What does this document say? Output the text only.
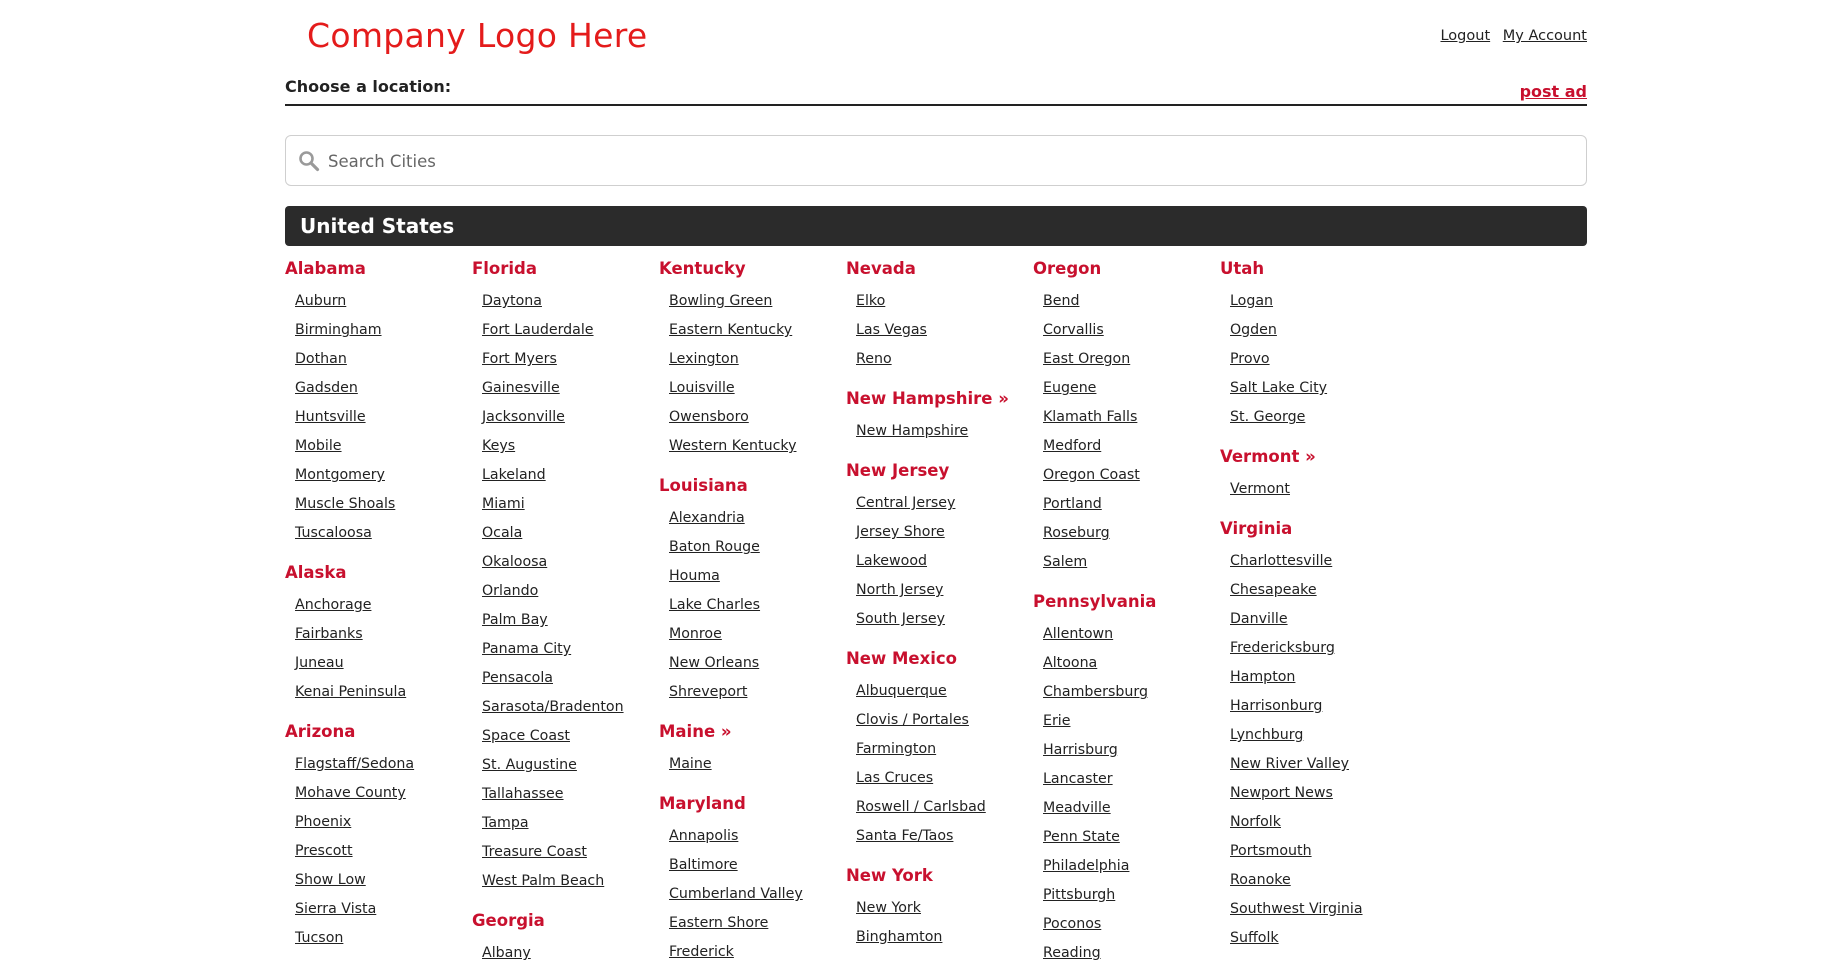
Company Logo Here	Logout My Account
Choose a location:	post ad
Search Cities
United States
Alabama
Auburn
Birmingham
Dothan
Gadsden
Huntsville
Mobile
Montgomery
Muscle Shoals
Tuscaloosa
Alaska
Anchorage
Fairbanks
Juneau
Kenai Peninsula
Arizona
Flagstaff/Sedona
Mohave County
Phoenix
Prescott
Show Low
Sierra Vista
Tucson
Florida
Daytona
Fort Lauderdale
Fort Myers
Gainesville
Jacksonville
Keys
Lakeland
Miami
Ocala
Okaloosa
Orlando
Palm Bay
Panama City
Pensacola
Sarasota/Bradenton
Space Coast
St. Augustine
Tallahassee
Tampa
Treasure Coast
West Palm Beach
Georgia
Albany
Kentucky
Bowling Green
Eastern Kentucky
Lexington
Louisville
Owensboro
Western Kentucky
Louisiana
Alexandria
Baton Rouge
Houma
Lake Charles
Monroe
New Orleans
Shreveport
Maine »
Maine
Maryland
Annapolis
Baltimore
Cumberland Valley
Eastern Shore
Frederick
Nevada
Elko
Las Vegas
Reno
New Hampshire »
New Hampshire
New Jersey
Central Jersey
Jersey Shore
Lakewood
North Jersey
South Jersey
New Mexico
Albuquerque
Clovis / Portales
Farmington
Las Cruces
Roswell / Carlsbad
Santa Fe/Taos
New York
New York
Binghamton
Oregon
Bend
Corvallis
East Oregon
Eugene
Klamath Falls
Medford
Oregon Coast
Portland
Roseburg
Salem
Pennsylvania
Allentown
Altoona
Chambersburg
Erie
Harrisburg
Lancaster
Meadville
Penn State
Philadelphia
Pittsburgh
Poconos
Reading
Utah
Logan
Ogden
Provo
Salt Lake City
St. George
Vermont »
Vermont
Virginia
Charlottesville
Chesapeake
Danville
Fredericksburg
Hampton
Harrisonburg
Lynchburg
New River Valley
Newport News
Norfolk
Portsmouth
Roanoke
Southwest Virginia
Suffolk
